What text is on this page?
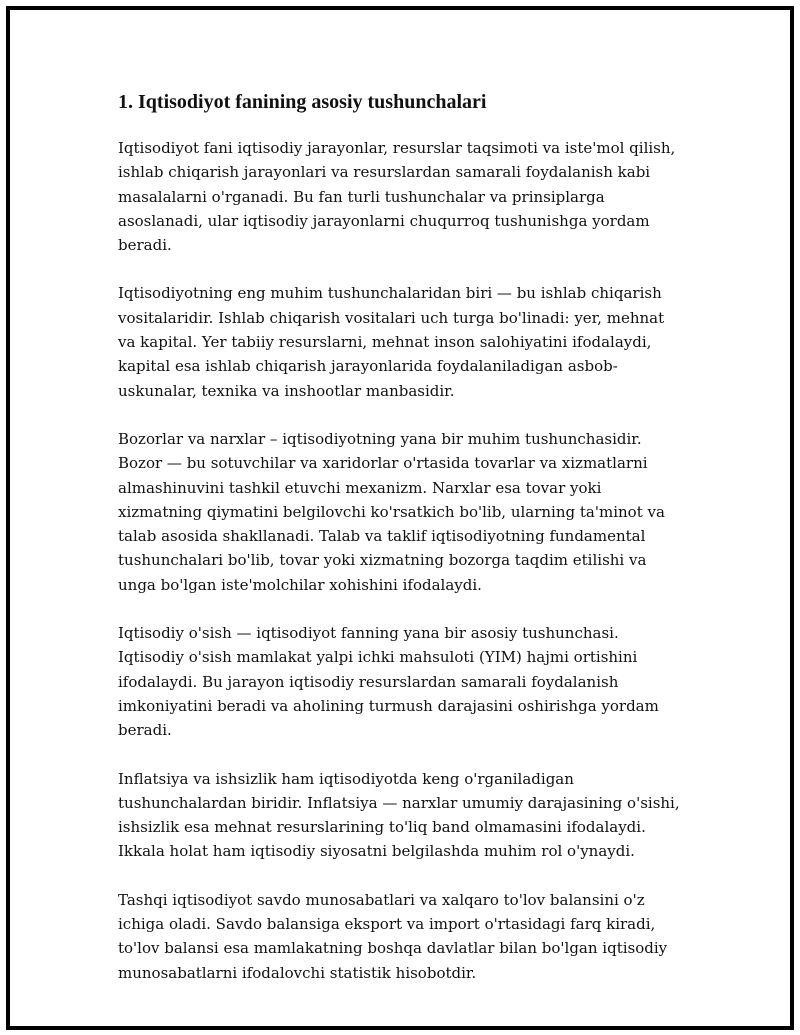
1. Iqtisodiyot fanining asosiy tushunchalari

Iqtisodiyot fani iqtisodiy jarayonlar, resurslar taqsimoti va iste'mol qilish, ishlab chiqarish jarayonlari va resurslardan samarali foydalanish kabi masalalarni o'rganadi. Bu fan turli tushunchalar va prinsiplarga asoslanadi, ular iqtisodiy jarayonlarni chuqurroq tushunishga yordam beradi.

Iqtisodiyotning eng muhim tushunchalaridan biri — bu ishlab chiqarish vositalaridir. Ishlab chiqarish vositalari uch turga bo'linadi: yer, mehnat va kapital. Yer tabiiy resurslarni, mehnat inson salohiyatini ifodalaydi, kapital esa ishlab chiqarish jarayonlarida foydalaniladigan asbob-uskunalar, texnika va inshootlar manbasidir.

Bozorlar va narxlar – iqtisodiyotning yana bir muhim tushunchasidir. Bozor — bu sotuvchilar va xaridorlar o'rtasida tovarlar va xizmatlarni almashinuvini tashkil etuvchi mexanizm. Narxlar esa tovar yoki xizmatning qiymatini belgilovchi ko'rsatkich bo'lib, ularning ta'minot va talab asosida shakllanadi. Talab va taklif iqtisodiyotning fundamental tushunchalari bo'lib, tovar yoki xizmatning bozorga taqdim etilishi va unga bo'lgan iste'molchilar xohishini ifodalaydi.

Iqtisodiy o'sish — iqtisodiyot fanning yana bir asosiy tushunchasi. Iqtisodiy o'sish mamlakat yalpi ichki mahsuloti (YIM) hajmi ortishini ifodalaydi. Bu jarayon iqtisodiy resurslardan samarali foydalanish imkoniyatini beradi va aholining turmush darajasini oshirishga yordam beradi.

Inflatsiya va ishsizlik ham iqtisodiyotda keng o'rganiladigan tushunchalardan biridir. Inflatsiya — narxlar umumiy darajasining o'sishi, ishsizlik esa mehnat resurslarining to'liq band olmamasini ifodalaydi. Ikkala holat ham iqtisodiy siyosatni belgilashda muhim rol o'ynaydi.

Tashqi iqtisodiyot savdo munosabatlari va xalqaro to'lov balansini o'z ichiga oladi. Savdo balansiga eksport va import o'rtasidagi farq kiradi, to'lov balansi esa mamlakatning boshqa davlatlar bilan bo'lgan iqtisodiy munosabatlarni ifodalovchi statistik hisobotdir.
